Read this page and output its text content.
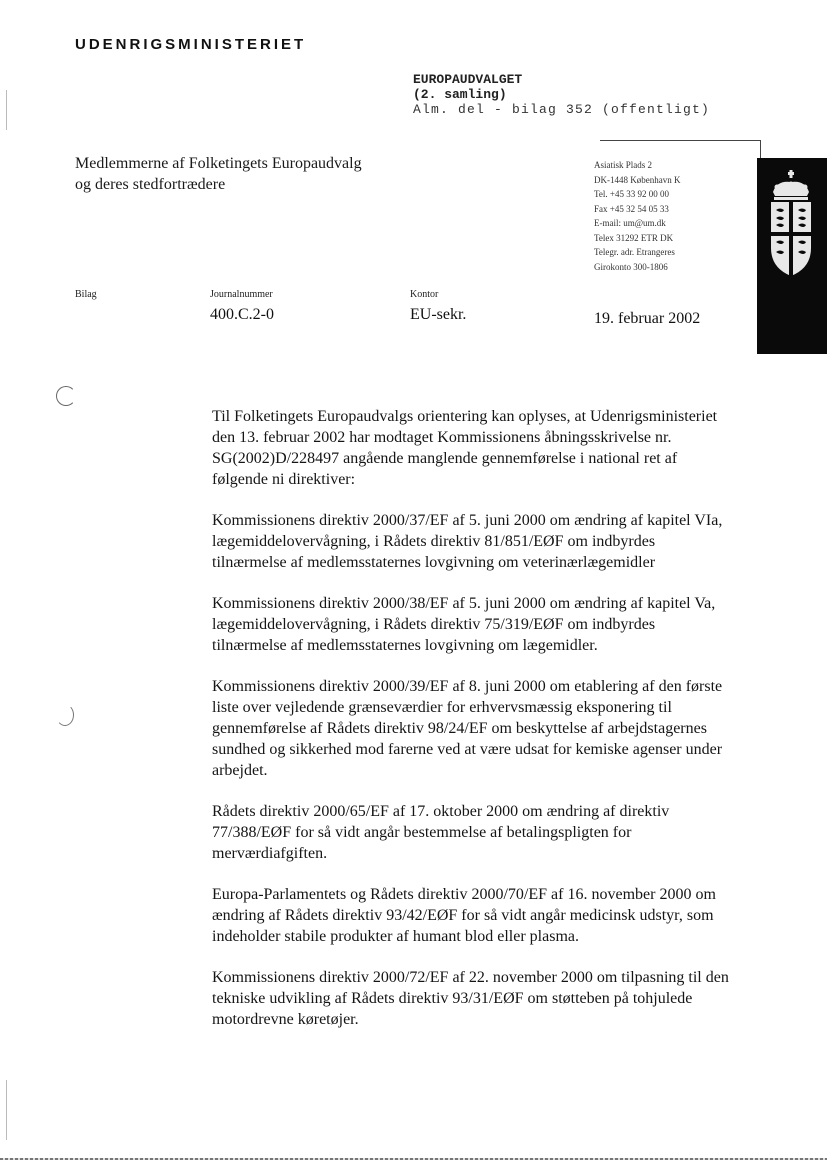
UDENRIGSMINISTERIET
EUROPAUDVALGET
(2. samling)
Alm. del - bilag 352 (offentligt)
Medlemmerne af Folketingets Europaudvalg
og deres stedfortrædere
Asiatisk Plads 2
DK-1448 København K
Tel. +45 33 92 00 00
Fax +45 32 54 05 33
E-mail: um@um.dk
Telex 31292 ETR DK
Telegr. adr. Etrangeres
Girokonto 300-1806
Bilag	Journalnummer
400.C.2-0
Kontor
EU-sekr.	19. februar 2002

Til Folketingets Europaudvalgs orientering kan oplyses, at Udenrigsministeriet den 13. februar 2002 har modtaget Kommissionens åbningsskrivelse nr. SG(2002)D/228497 angående manglende gennemførelse i national ret af følgende ni direktiver:

Kommissionens direktiv 2000/37/EF af 5. juni 2000 om ændring af kapitel VIa, lægemiddelovervågning, i Rådets direktiv 81/851/EØF om indbyrdes tilnærmelse af medlemsstaternes lovgivning om veterinærlægemidler

Kommissionens direktiv 2000/38/EF af 5. juni 2000 om ændring af kapitel Va, lægemiddelovervågning, i Rådets direktiv 75/319/EØF om indbyrdes tilnærmelse af medlemsstaternes lovgivning om lægemidler.

Kommissionens direktiv 2000/39/EF af 8. juni 2000 om etablering af den første liste over vejledende grænseværdier for erhvervsmæssig eksponering til gennemførelse af Rådets direktiv 98/24/EF om beskyttelse af arbejdstagernes sundhed og sikkerhed mod farerne ved at være udsat for kemiske agenser under arbejdet.

Rådets direktiv 2000/65/EF af 17. oktober 2000 om ændring af direktiv 77/388/EØF for så vidt angår bestemmelse af betalingspligten for merværdiafgiften.

Europa-Parlamentets og Rådets direktiv 2000/70/EF af 16. november 2000 om ændring af Rådets direktiv 93/42/EØF for så vidt angår medicinsk udstyr, som indeholder stabile produkter af humant blod eller plasma.

Kommissionens direktiv 2000/72/EF af 22. november 2000 om tilpasning til den tekniske udvikling af Rådets direktiv 93/31/EØF om støtteben på tohjulede motordrevne køretøjer.
